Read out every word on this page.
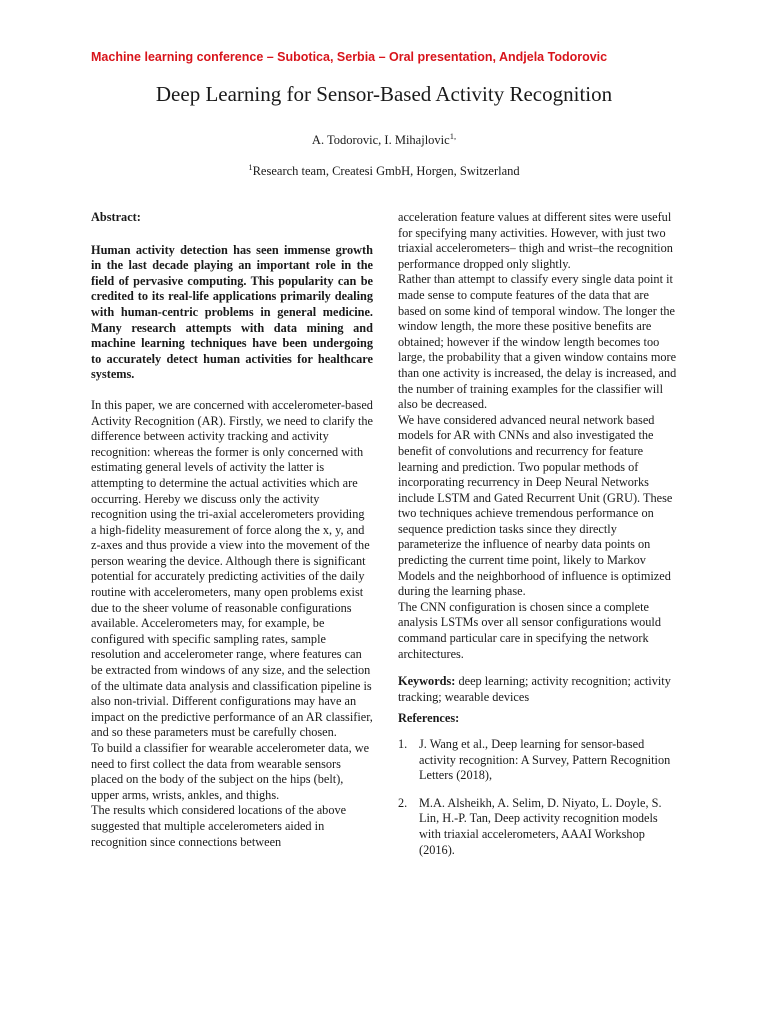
Machine learning conference – Subotica, Serbia – Oral presentation, Andjela Todorovic
Deep Learning for Sensor-Based Activity Recognition
A. Todorovic, I. Mihajlovic$^{1,}$
$^1$Research team, Createsi GmbH, Horgen, Switzerland

Abstract:

Human activity detection has seen immense growth in the last decade playing an important role in the field of pervasive computing. This popularity can be credited to its real-life applications primarily dealing with human-centric problems in general medicine. Many research attempts with data mining and machine learning techniques have been undergoing to accurately detect human activities for healthcare systems.

In this paper, we are concerned with accelerometer-based Activity Recognition (AR). Firstly, we need to clarify the difference between activity tracking and activity recognition: whereas the former is only concerned with estimating general levels of activity the latter is attempting to determine the actual activities which are occurring. Hereby we discuss only the activity recognition using the tri-axial accelerometers providing a high-fidelity measurement of force along the x, y, and z-axes and thus provide a view into the movement of the person wearing the device. Although there is significant potential for accurately predicting activities of the daily routine with accelerometers, many open problems exist due to the sheer volume of reasonable configurations available. Accelerometers may, for example, be configured with specific sampling rates, sample resolution and accelerometer range, where features can be extracted from windows of any size, and the selection of the ultimate data analysis and classification pipeline is also non-trivial. Different configurations may have an impact on the predictive performance of an AR classifier, and so these parameters must be carefully chosen.

To build a classifier for wearable accelerometer data, we need to first collect the data from wearable sensors placed on the body of the subject on the hips (belt), upper arms, wrists, ankles, and thighs.

The results which considered locations of the above suggested that multiple accelerometers aided in recognition since connections between

acceleration feature values at different sites were useful for specifying many activities. However, with just two triaxial accelerometers– thigh and wrist–the recognition performance dropped only slightly.

Rather than attempt to classify every single data point it made sense to compute features of the data that are based on some kind of temporal window. The longer the window length, the more these positive benefits are obtained; however if the window length becomes too large, the probability that a given window contains more than one activity is increased, the delay is increased, and the number of training examples for the classifier will also be decreased.

We have considered advanced neural network based models for AR with CNNs and also investigated the benefit of convolutions and recurrency for feature learning and prediction. Two popular methods of incorporating recurrency in Deep Neural Networks include LSTM and Gated Recurrent Unit (GRU). These two techniques achieve tremendous performance on sequence prediction tasks since they directly parameterize the influence of nearby data points on predicting the current time point, likely to Markov Models and the neighborhood of influence is optimized during the learning phase.

The CNN configuration is chosen since a complete analysis LSTMs over all sensor configurations would command particular care in specifying the network architectures.

Keywords: deep learning; activity recognition; activity tracking; wearable devices

References:

1. J. Wang et al., Deep learning for sensor-based activity recognition: A Survey, Pattern Recognition Letters (2018),
2. M.A. Alsheikh, A. Selim, D. Niyato, L. Doyle, S. Lin, H.-P. Tan, Deep activity recognition models with triaxial accelerometers, AAAI Workshop (2016).
